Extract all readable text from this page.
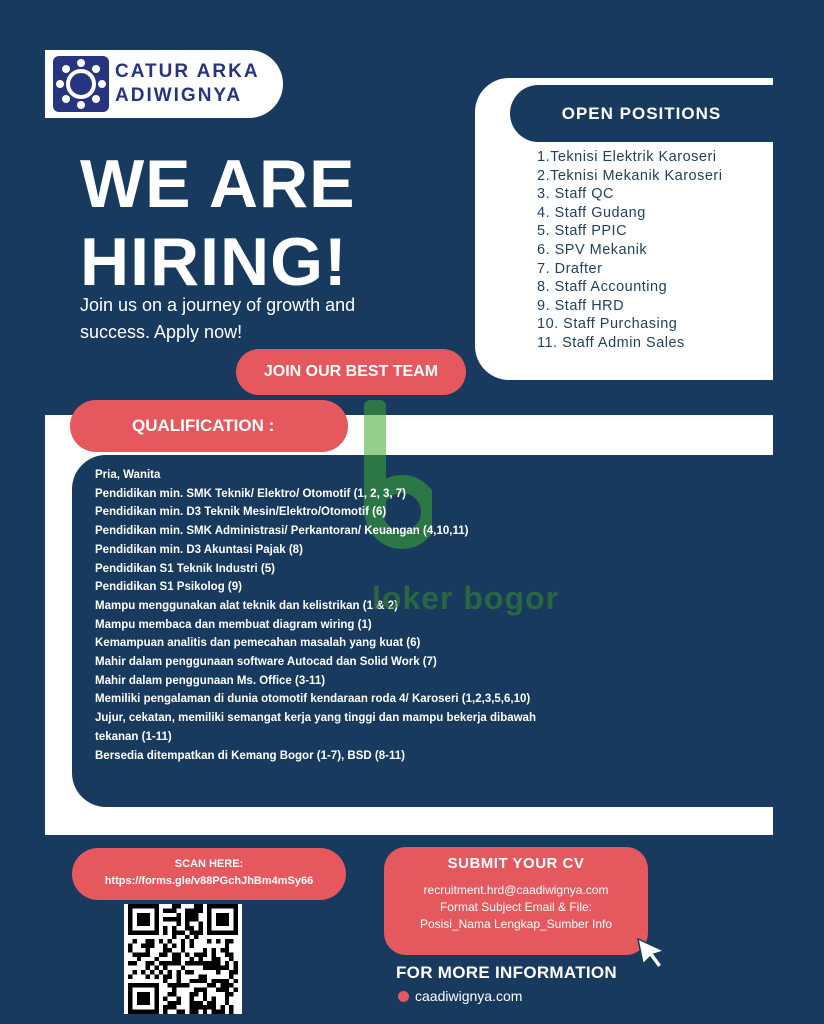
CATUR ARKA
ADIWIGNYA
WE ARE
HIRING!
Join us on a journey of growth and success. Apply now!
JOIN OUR BEST TEAM
OPEN POSITIONS
1.Teknisi Elektrik Karoseri
2.Teknisi Mekanik Karoseri
3. Staff QC
4. Staff Gudang
5. Staff PPIC
6. SPV Mekanik
7. Drafter
8. Staff Accounting
9. Staff HRD
10. Staff Purchasing
11. Staff Admin Sales
QUALIFICATION :
Pria, Wanita
Pendidikan min. SMK Teknik/ Elektro/ Otomotif (1, 2, 3, 7)
Pendidikan min. D3 Teknik Mesin/Elektro/Otomotif (6)
Pendidikan min. SMK Administrasi/ Perkantoran/ Keuangan (4,10,11)
Pendidikan min. D3 Akuntasi Pajak (8)
Pendidikan S1 Teknik Industri (5)
Pendidikan S1 Psikolog (9)
Mampu menggunakan alat teknik dan kelistrikan (1 & 2)
Mampu membaca dan membuat diagram wiring (1)
Kemampuan analitis dan pemecahan masalah yang kuat (6)
Mahir dalam penggunaan software Autocad dan Solid Work (7)
Mahir dalam penggunaan Ms. Office (3-11)
Memiliki pengalaman di dunia otomotif kendaraan roda 4/ Karoseri (1,2,3,5,6,10)
Jujur, cekatan, memiliki semangat kerja yang tinggi dan mampu bekerja dibawah tekanan (1-11)
Bersedia ditempatkan di Kemang Bogor (1-7), BSD (8-11)
loker bogor
SCAN HERE:
https://forms.gle/v88PGchJhBm4mSy66
SUBMIT YOUR CV
recruitment.hrd@caadiwignya.com
Format Subject Email & File:
Posisi_Nama Lengkap_Sumber Info
FOR MORE INFORMATION
caadiwignya.com
